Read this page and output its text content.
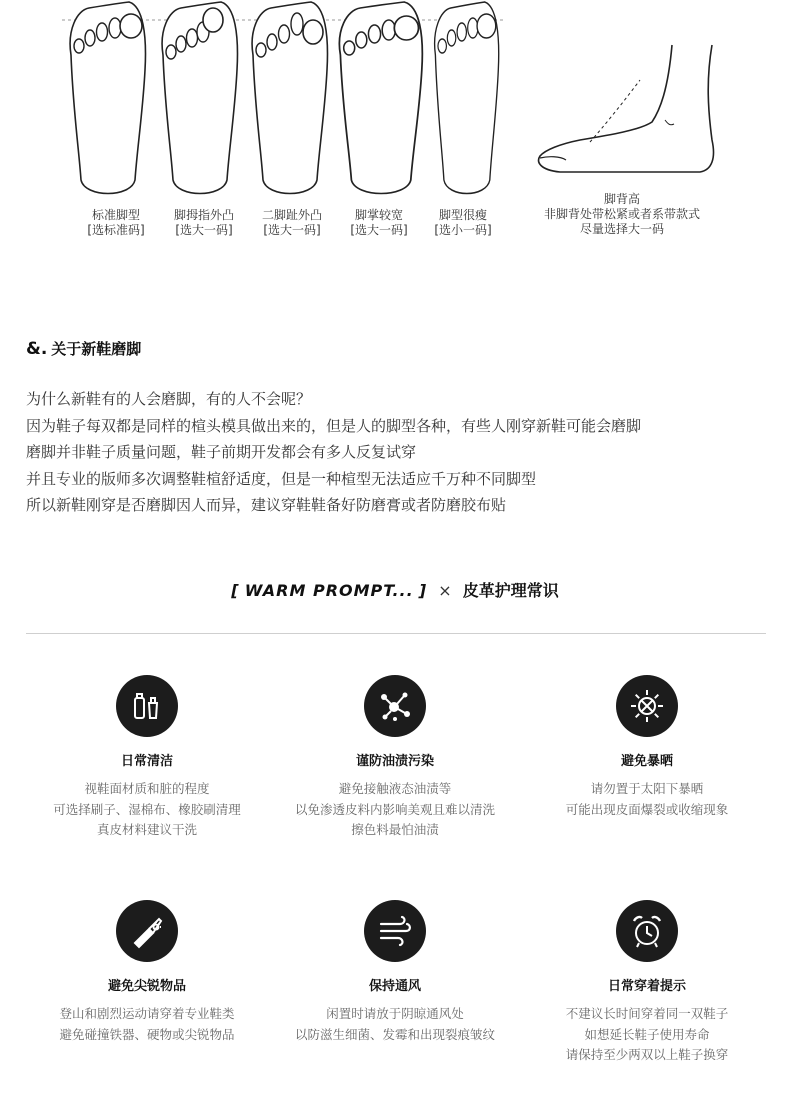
标准脚型
[选标准码]
脚拇指外凸
[选大一码]
二脚趾外凸
[选大一码]
脚掌较宽
[选大一码]
脚型很瘦
[选小一码]
脚背高
非脚背处带松紧或者系带款式
尽量选择大一码
&. 关于新鞋磨脚
为什么新鞋有的人会磨脚，有的人不会呢？
因为鞋子每双都是同样的楦头模具做出来的，但是人的脚型各种，有些人刚穿新鞋可能会磨脚
磨脚并非鞋子质量问题，鞋子前期开发都会有多人反复试穿
并且专业的版师多次调整鞋楦舒适度，但是一种楦型无法适应千万种不同脚型
所以新鞋刚穿是否磨脚因人而异，建议穿鞋鞋备好防磨膏或者防磨胶布贴
[ WARM PROMPT... ] × 皮革护理常识
日常清洁
视鞋面材质和脏的程度
可选择刷子、湿棉布、橡胶刷清理
真皮材料建议干洗
谨防油渍污染
避免接触液态油渍等
以免渗透皮料内影响美观且难以清洗
擦色料最怕油渍
避免暴晒
请勿置于太阳下暴晒
可能出现皮面爆裂或收缩现象
避免尖锐物品
登山和剧烈运动请穿着专业鞋类
避免碰撞铁器、硬物或尖锐物品
保持通风
闲置时请放于阴晾通风处
以防滋生细菌、发霉和出现裂痕皱纹
日常穿着提示
不建议长时间穿着同一双鞋子
如想延长鞋子使用寿命
请保持至少两双以上鞋子换穿
